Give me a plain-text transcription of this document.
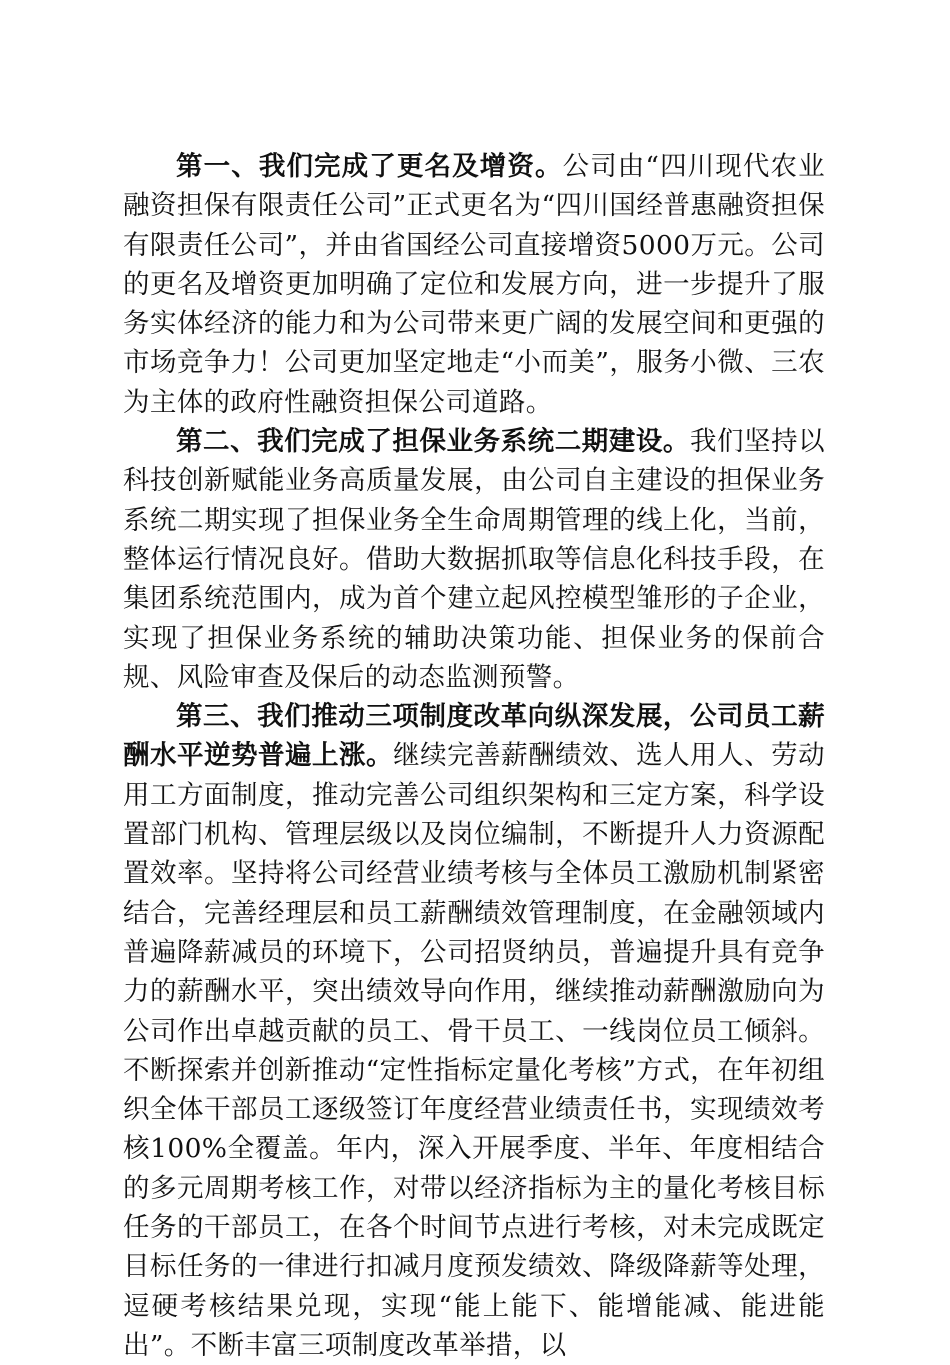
第一、我们完成了更名及增资。公司由“四川现代农业融资担保有限责任公司”正式更名为“四川国经普惠融资担保有限责任公司”，并由省国经公司直接增资5000万元。公司的更名及增资更加明确了定位和发展方向，进一步提升了服务实体经济的能力和为公司带来更广阔的发展空间和更强的市场竞争力！公司更加坚定地走“小而美”，服务小微、三农为主体的政府性融资担保公司道路。

第二、我们完成了担保业务系统二期建设。我们坚持以科技创新赋能业务高质量发展，由公司自主建设的担保业务系统二期实现了担保业务全生命周期管理的线上化，当前，整体运行情况良好。借助大数据抓取等信息化科技手段，在集团系统范围内，成为首个建立起风控模型雏形的子企业，实现了担保业务系统的辅助决策功能、担保业务的保前合规、风险审查及保后的动态监测预警。

第三、我们推动三项制度改革向纵深发展，公司员工薪酬水平逆势普遍上涨。继续完善薪酬绩效、选人用人、劳动用工方面制度，推动完善公司组织架构和三定方案，科学设置部门机构、管理层级以及岗位编制，不断提升人力资源配置效率。坚持将公司经营业绩考核与全体员工激励机制紧密结合，完善经理层和员工薪酬绩效管理制度，在金融领域内普遍降薪减员的环境下，公司招贤纳员，普遍提升具有竞争力的薪酬水平，突出绩效导向作用，继续推动薪酬激励向为公司作出卓越贡献的员工、骨干员工、一线岗位员工倾斜。不断探索并创新推动“定性指标定量化考核”方式，在年初组织全体干部员工逐级签订年度经营业绩责任书，实现绩效考核100%全覆盖。年内，深入开展季度、半年、年度相结合的多元周期考核工作，对带以经济指标为主的量化考核目标任务的干部员工，在各个时间节点进行考核，对未完成既定目标任务的一律进行扣减月度预发绩效、降级降薪等处理，逗硬考核结果兑现，实现“能上能下、能增能减、能进能出”。不断丰富三项制度改革举措，以
